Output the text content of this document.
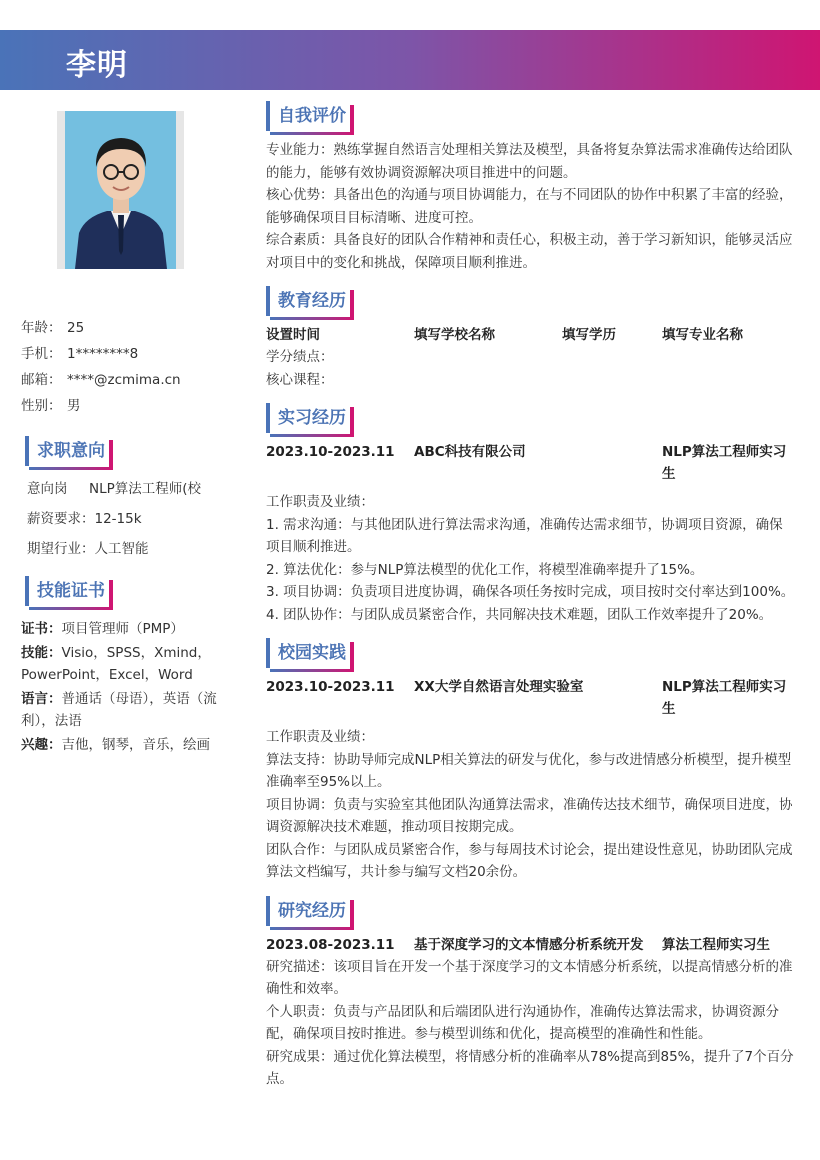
李明
年龄： 25
手机： 1********8
邮箱： ****@zcmima.cn
性别： 男
求职意向
意向岗 NLP算法工程师(校
薪资要求：12-15k
期望行业：人工智能
技能证书
证书：项目管理师（PMP）
技能：Visio，SPSS，Xmind，PowerPoint，Excel，Word
语言：普通话（母语），英语（流利），法语
兴趣：吉他，钢琴，音乐，绘画
自我评价

专业能力：熟练掌握自然语言处理相关算法及模型，具备将复杂算法需求准确传达给团队的能力，能够有效协调资源解决项目推进中的问题。

核心优势：具备出色的沟通与项目协调能力，在与不同团队的协作中积累了丰富的经验，能够确保项目目标清晰、进度可控。

综合素质：具备良好的团队合作精神和责任心，积极主动，善于学习新知识，能够灵活应对项目中的变化和挑战，保障项目顺利推进。

教育经历
设置时间	填写学校名称	填写学历	填写专业名称

学分绩点：

核心课程：

实习经历
2023.10-2023.11	ABC科技有限公司	NLP算法工程师实习生

工作职责及业绩：

1. 需求沟通：与其他团队进行算法需求沟通，准确传达需求细节，协调项目资源，确保项目顺利推进。

2. 算法优化：参与NLP算法模型的优化工作，将模型准确率提升了15%。

3. 项目协调：负责项目进度协调，确保各项任务按时完成，项目按时交付率达到100%。

4. 团队协作：与团队成员紧密合作，共同解决技术难题，团队工作效率提升了20%。

校园实践
2023.10-2023.11	XX大学自然语言处理实验室	NLP算法工程师实习生

工作职责及业绩：

算法支持：协助导师完成NLP相关算法的研发与优化，参与改进情感分析模型，提升模型准确率至95%以上。

项目协调：负责与实验室其他团队沟通算法需求，准确传达技术细节，确保项目进度，协调资源解决技术难题，推动项目按期完成。

团队合作：与团队成员紧密合作，参与每周技术讨论会，提出建设性意见，协助团队完成算法文档编写，共计参与编写文档20余份。

研究经历
2023.08-2023.11	基于深度学习的文本情感分析系统开发	算法工程师实习生

研究描述：该项目旨在开发一个基于深度学习的文本情感分析系统，以提高情感分析的准确性和效率。

个人职责：负责与产品团队和后端团队进行沟通协作，准确传达算法需求，协调资源分配，确保项目按时推进。参与模型训练和优化，提高模型的准确性和性能。

研究成果：通过优化算法模型，将情感分析的准确率从78%提高到85%，提升了7个百分点。
